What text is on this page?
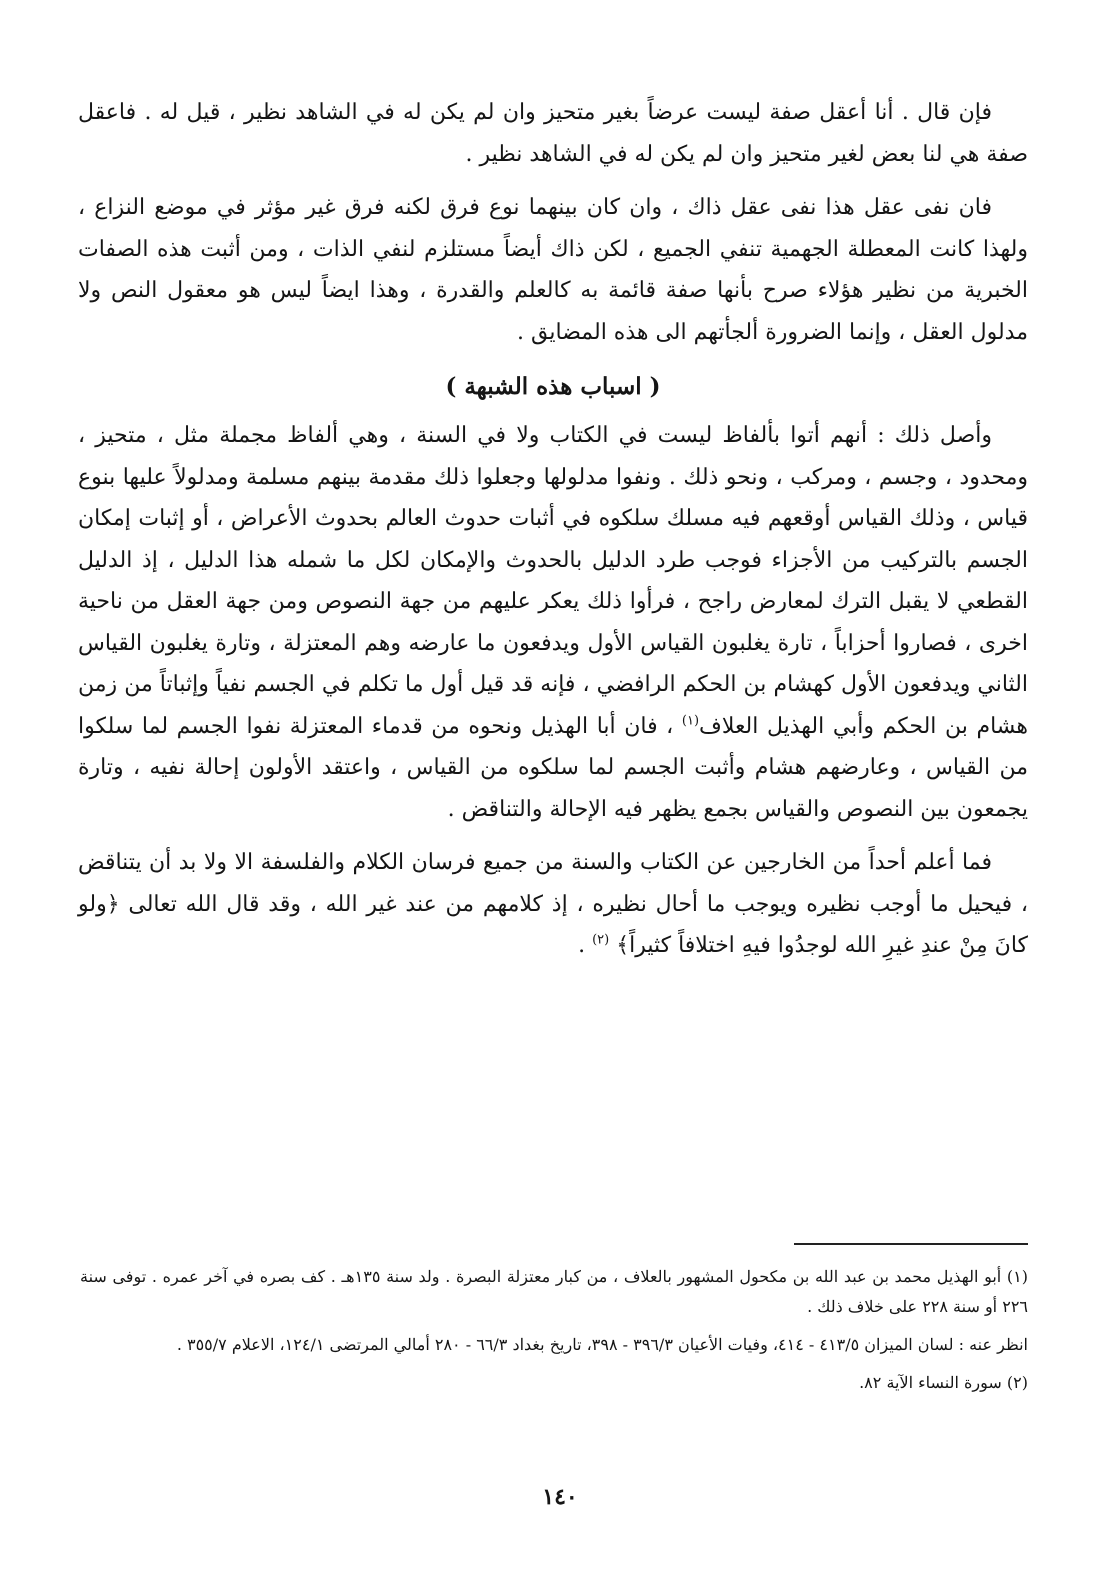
فإن قال . أنا أعقل صفة ليست عرضاً بغير متحيز وان لم يكن له في الشاهد نظير ، قيل له . فاعقل صفة هي لنا بعض لغير متحيز وان لم يكن له في الشاهد نظير .

فان نفى عقل هذا نفى عقل ذاك ، وان كان بينهما نوع فرق لكنه فرق غير مؤثر في موضع النزاع ، ولهذا كانت المعطلة الجهمية تنفي الجميع ، لكن ذاك أيضاً مستلزم لنفي الذات ، ومن أثبت هذه الصفات الخبرية من نظير هؤلاء صرح بأنها صفة قائمة به كالعلم والقدرة ، وهذا ايضاً ليس هو معقول النص ولا مدلول العقل ، وإنما الضرورة ألجأتهم الى هذه المضايق .

( اسباب هذه الشبهة )

وأصل ذلك : أنهم أتوا بألفاظ ليست في الكتاب ولا في السنة ، وهي ألفاظ مجملة مثل ، متحيز ، ومحدود ، وجسم ، ومركب ، ونحو ذلك . ونفوا مدلولها وجعلوا ذلك مقدمة بينهم مسلمة ومدلولاً عليها بنوع قياس ، وذلك القياس أوقعهم فيه مسلك سلكوه في أثبات حدوث العالم بحدوث الأعراض ، أو إثبات إمكان الجسم بالتركيب من الأجزاء فوجب طرد الدليل بالحدوث والإمكان لكل ما شمله هذا الدليل ، إذ الدليل القطعي لا يقبل الترك لمعارض راجح ، فرأوا ذلك يعكر عليهم من جهة النصوص ومن جهة العقل من ناحية اخرى ، فصاروا أحزاباً ، تارة يغلبون القياس الأول ويدفعون ما عارضه وهم المعتزلة ، وتارة يغلبون القياس الثاني ويدفعون الأول كهشام بن الحكم الرافضي ، فإنه قد قيل أول ما تكلم في الجسم نفياً وإثباتاً من زمن هشام بن الحكم وأبي الهذيل العلاف$^{(١)}$ ، فان أبا الهذيل ونحوه من قدماء المعتزلة نفوا الجسم لما سلكوا من القياس ، وعارضهم هشام وأثبت الجسم لما سلكوه من القياس ، واعتقد الأولون إحالة نفيه ، وتارة يجمعون بين النصوص والقياس بجمع يظهر فيه الإحالة والتناقض .

فما أعلم أحداً من الخارجين عن الكتاب والسنة من جميع فرسان الكلام والفلسفة الا ولا بد أن يتناقض ، فيحيل ما أوجب نظيره ويوجب ما أحال نظيره ، إذ كلامهم من عند غير الله ، وقد قال الله تعالى ﴿ولو كانَ مِنْ عندِ غيرِ الله لوجدُوا فيهِ اختلافاً كثيراً﴾ $^{(٢)}$ .

(١) أبو الهذيل محمد بن عبد الله بن مكحول المشهور بالعلاف ، من كبار معتزلة البصرة . ولد سنة ١٣٥هـ . كف بصره في آخر عمره . توفى سنة ٢٢٦ أو سنة ٢٢٨ على خلاف ذلك .

انظر عنه : لسان الميزان ٤١٣/٥ - ٤١٤، وفيات الأعيان ٣٩٦/٣ - ٣٩٨، تاريخ بغداد ٦٦/٣ - ٢٨٠ أمالي المرتضى ١٢٤/١، الاعلام ٣٥٥/٧ .

(٢) سورة النساء الآية ٨٢.

١٤٠
